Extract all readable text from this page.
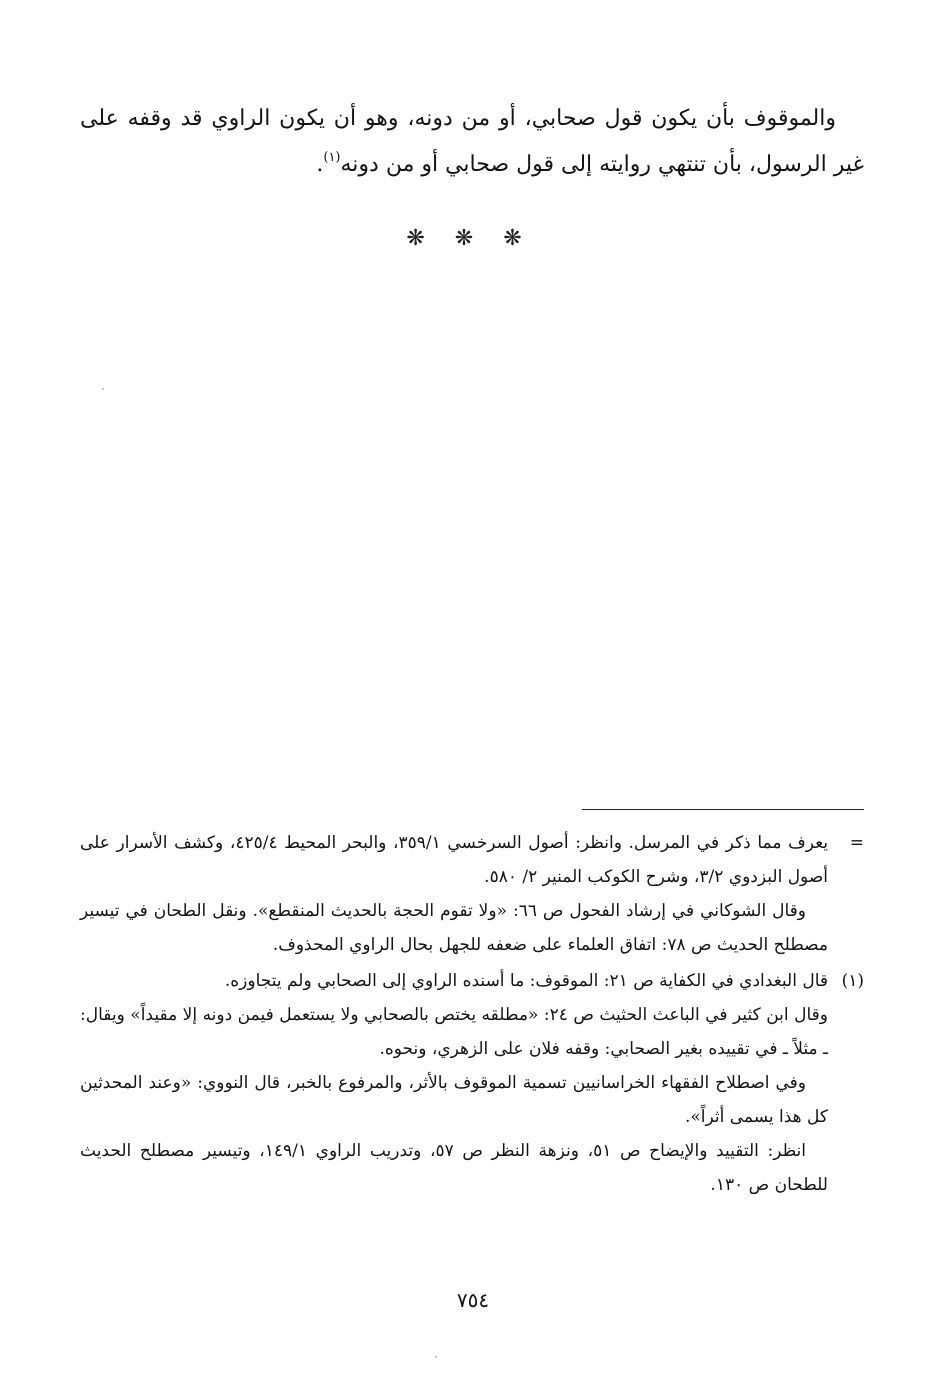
والموقوف بأن يكون قول صحابي، أو من دونه، وهو أن يكون الراوي قد وقفه على غير الرسول، بأن تنتهي روايته إلى قول صحابي أو من دونه$^{(١)}$.

❋ ❋ ❋
=

يعرف مما ذكر في المرسل. وانظر: أصول السرخسي ٣٥٩/١، والبحر المحيط ٤٢٥/٤، وكشف الأسرار على أصول البزدوي ٣/٢، وشرح الكوكب المنير ٢/ ٥٨٠.

وقال الشوكاني في إرشاد الفحول ص ٦٦: «ولا تقوم الحجة بالحديث المنقطع». ونقل الطحان في تيسير مصطلح الحديث ص ٧٨: اتفاق العلماء على ضعفه للجهل بحال الراوي المحذوف.

(١)

قال البغدادي في الكفاية ص ٢١: الموقوف: ما أسنده الراوي إلى الصحابي ولم يتجاوزه.

وقال ابن كثير في الباعث الحثيث ص ٢٤: «مطلقه يختص بالصحابي ولا يستعمل فيمن دونه إلا مقيداً» ويقال: ـ مثلاً ـ في تقييده بغير الصحابي: وقفه فلان على الزهري، ونحوه.

وفي اصطلاح الفقهاء الخراسانيين تسمية الموقوف بالأثر، والمرفوع بالخبر، قال النووي: «وعند المحدثين كل هذا يسمى أثراً».

انظر: التقييد والإيضاح ص ٥١، ونزهة النظر ص ٥٧، وتدريب الراوي ١٤٩/١، وتيسير مصطلح الحديث للطحان ص ١٣٠.

٧٥٤
